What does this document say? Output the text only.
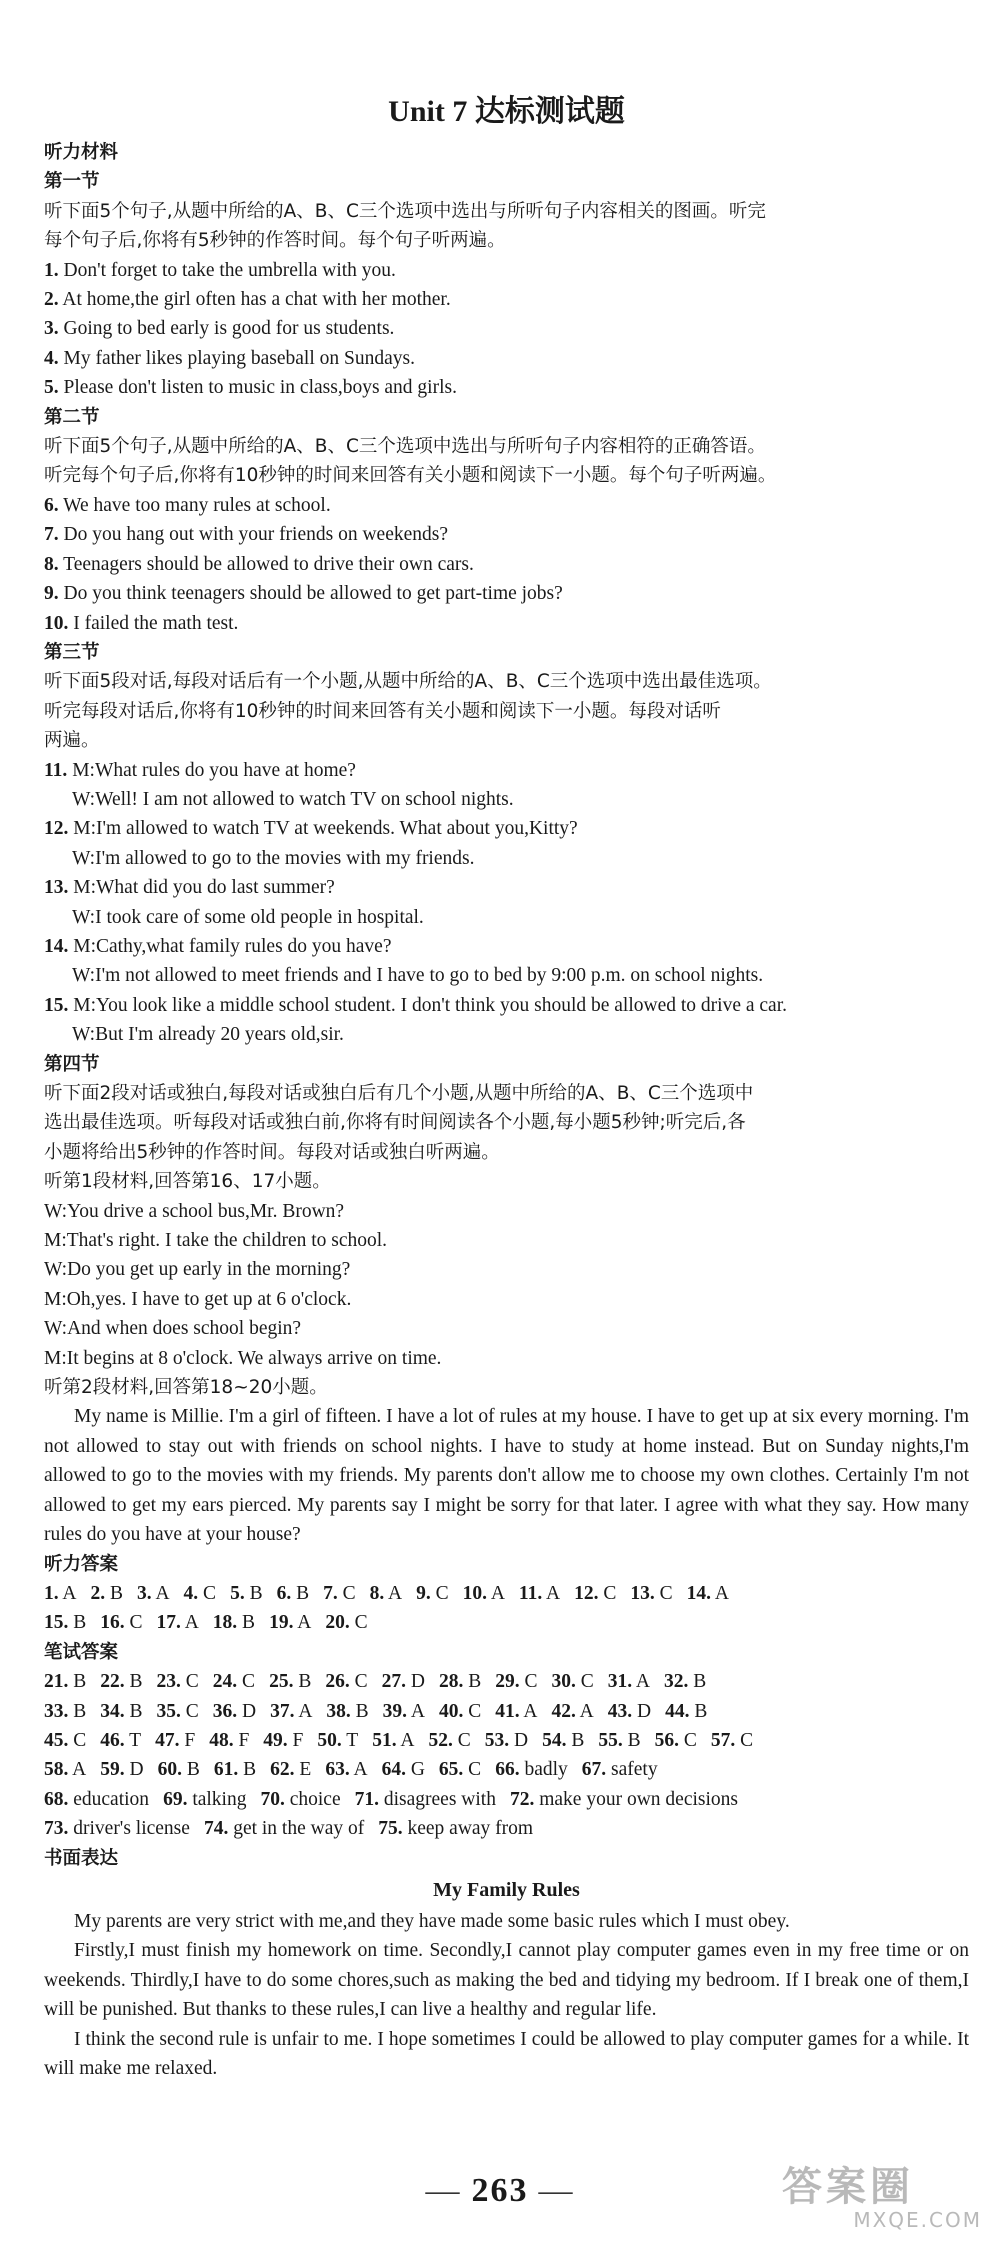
Unit 7 达标测试题
听力材料
第一节
听下面5个句子,从题中所给的A、B、C三个选项中选出与所听句子内容相关的图画。听完
每个句子后,你将有5秒钟的作答时间。每个句子听两遍。
1. Don't forget to take the umbrella with you.
2. At home,the girl often has a chat with her mother.
3. Going to bed early is good for us students.
4. My father likes playing baseball on Sundays.
5. Please don't listen to music in class,boys and girls.
第二节
听下面5个句子,从题中所给的A、B、C三个选项中选出与所听句子内容相符的正确答语。
听完每个句子后,你将有10秒钟的时间来回答有关小题和阅读下一小题。每个句子听两遍。
6. We have too many rules at school.
7. Do you hang out with your friends on weekends?
8. Teenagers should be allowed to drive their own cars.
9. Do you think teenagers should be allowed to get part-time jobs?
10. I failed the math test.
第三节
听下面5段对话,每段对话后有一个小题,从题中所给的A、B、C三个选项中选出最佳选项。
听完每段对话后,你将有10秒钟的时间来回答有关小题和阅读下一小题。每段对话听
两遍。
11. M:What rules do you have at home?
W:Well! I am not allowed to watch TV on school nights.
12. M:I'm allowed to watch TV at weekends. What about you,Kitty?
W:I'm allowed to go to the movies with my friends.
13. M:What did you do last summer?
W:I took care of some old people in hospital.
14. M:Cathy,what family rules do you have?
W:I'm not allowed to meet friends and I have to go to bed by 9:00 p.m. on school nights.
15. M:You look like a middle school student. I don't think you should be allowed to drive a car.
W:But I'm already 20 years old,sir.
第四节
听下面2段对话或独白,每段对话或独白后有几个小题,从题中所给的A、B、C三个选项中
选出最佳选项。听每段对话或独白前,你将有时间阅读各个小题,每小题5秒钟;听完后,各
小题将给出5秒钟的作答时间。每段对话或独白听两遍。
听第1段材料,回答第16、17小题。
W:You drive a school bus,Mr. Brown?
M:That's right. I take the children to school.
W:Do you get up early in the morning?
M:Oh,yes. I have to get up at 6 o'clock.
W:And when does school begin?
M:It begins at 8 o'clock. We always arrive on time.
听第2段材料,回答第18~20小题。
My name is Millie. I'm a girl of fifteen. I have a lot of rules at my house. I have to get up at six every morning. I'm not allowed to stay out with friends on school nights. I have to study at home instead. But on Sunday nights,I'm allowed to go to the movies with my friends. My parents don't allow me to choose my own clothes. Certainly I'm not allowed to get my ears pierced. My parents say I might be sorry for that later. I agree with what they say. How many rules do you have at your house?
听力答案
1. A 2. B 3. A 4. C 5. B 6. B 7. C 8. A 9. C 10. A 11. A 12. C 13. C 14. A
15. B 16. C 17. A 18. B 19. A 20. C
笔试答案
21. B 22. B 23. C 24. C 25. B 26. C 27. D 28. B 29. C 30. C 31. A 32. B
33. B 34. B 35. C 36. D 37. A 38. B 39. A 40. C 41. A 42. A 43. D 44. B
45. C 46. T 47. F 48. F 49. F 50. T 51. A 52. C 53. D 54. B 55. B 56. C 57. C
58. A 59. D 60. B 61. B 62. E 63. A 64. G 65. C 66. badly 67. safety
68. education 69. talking 70. choice 71. disagrees with 72. make your own decisions
73. driver's license 74. get in the way of 75. keep away from
书面表达
My Family Rules
My parents are very strict with me,and they have made some basic rules which I must obey.
Firstly,I must finish my homework on time. Secondly,I cannot play computer games even in my free time or on weekends. Thirdly,I have to do some chores,such as making the bed and tidying my bedroom. If I break one of them,I will be punished. But thanks to these rules,I can live a healthy and regular life.
I think the second rule is unfair to me. I hope sometimes I could be allowed to play computer games for a while. It will make me relaxed.
— 263 —	答案圈
MXQE.COM
